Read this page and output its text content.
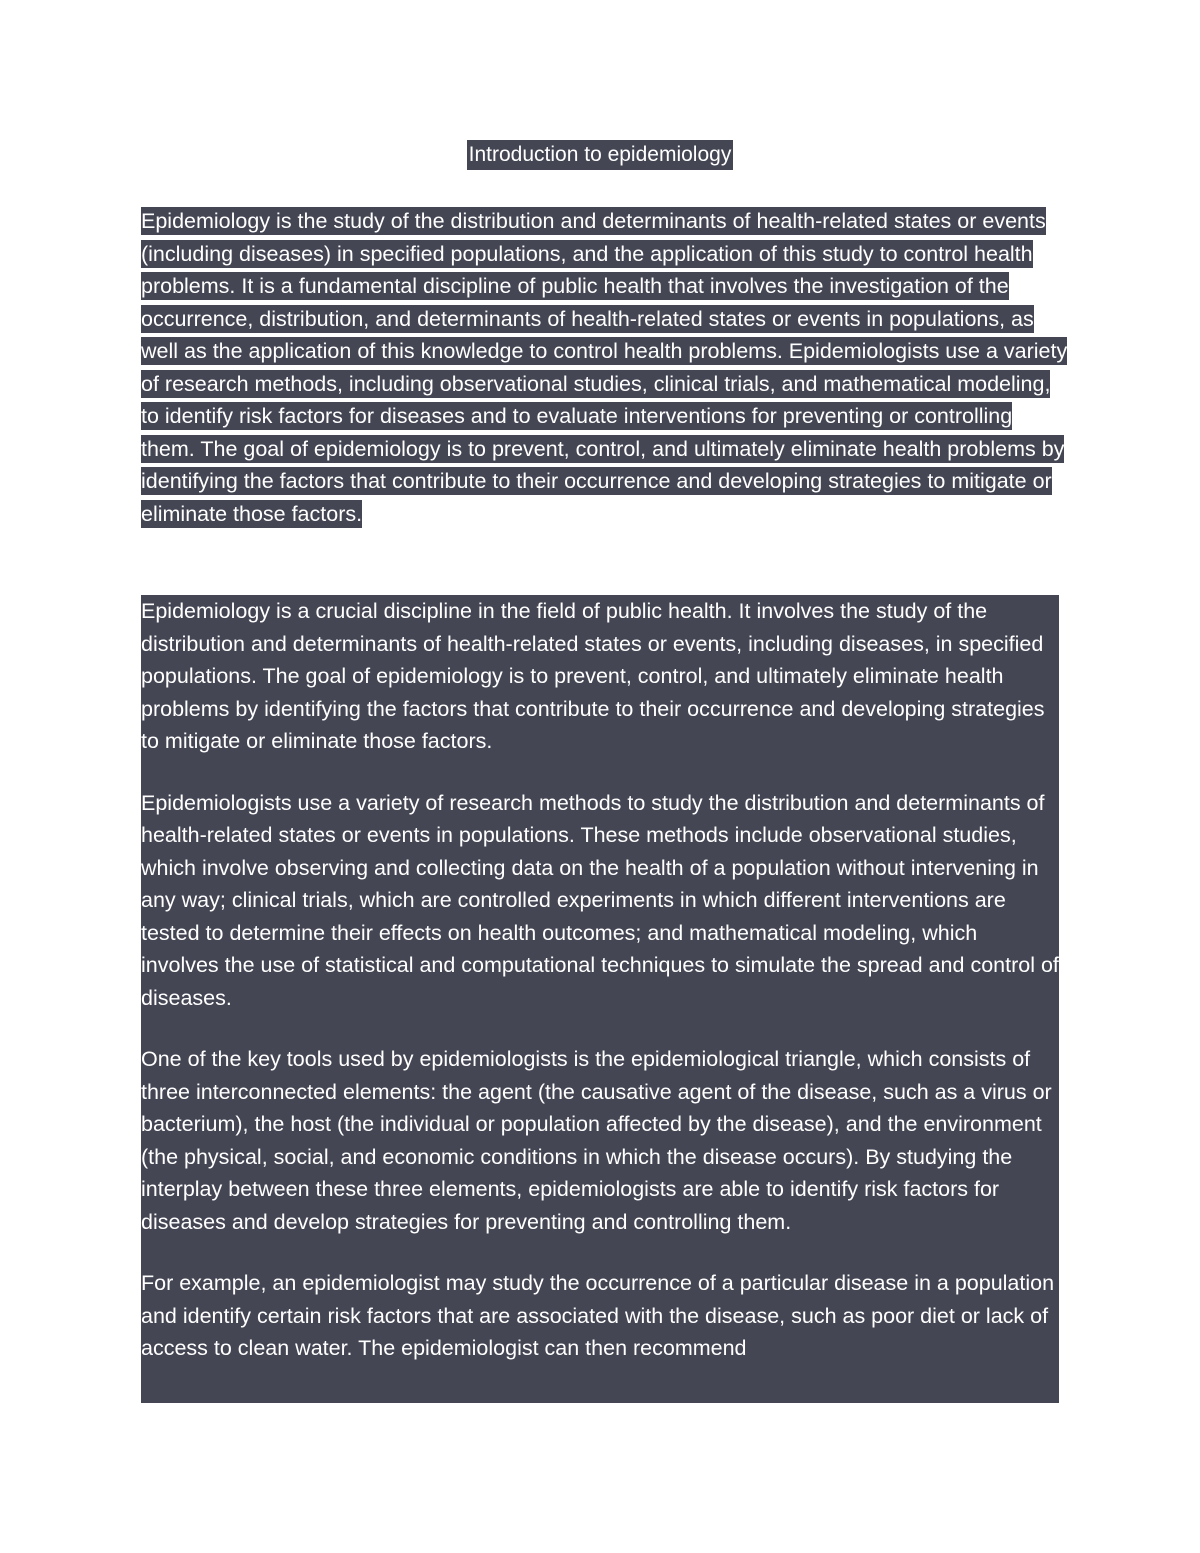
Introduction to epidemiology
Epidemiology is the study of the distribution and determinants of health-related states or events (including diseases) in specified populations, and the application of this study to control health problems. It is a fundamental discipline of public health that involves the investigation of the occurrence, distribution, and determinants of health-related states or events in populations, as well as the application of this knowledge to control health problems. Epidemiologists use a variety of research methods, including observational studies, clinical trials, and mathematical modeling, to identify risk factors for diseases and to evaluate interventions for preventing or controlling them. The goal of epidemiology is to prevent, control, and ultimately eliminate health problems by identifying the factors that contribute to their occurrence and developing strategies to mitigate or eliminate those factors.

Epidemiology is a crucial discipline in the field of public health. It involves the study of the distribution and determinants of health-related states or events, including diseases, in specified populations. The goal of epidemiology is to prevent, control, and ultimately eliminate health problems by identifying the factors that contribute to their occurrence and developing strategies to mitigate or eliminate those factors.

Epidemiologists use a variety of research methods to study the distribution and determinants of health-related states or events in populations. These methods include observational studies, which involve observing and collecting data on the health of a population without intervening in any way; clinical trials, which are controlled experiments in which different interventions are tested to determine their effects on health outcomes; and mathematical modeling, which involves the use of statistical and computational techniques to simulate the spread and control of diseases.

One of the key tools used by epidemiologists is the epidemiological triangle, which consists of three interconnected elements: the agent (the causative agent of the disease, such as a virus or bacterium), the host (the individual or population affected by the disease), and the environment (the physical, social, and economic conditions in which the disease occurs). By studying the interplay between these three elements, epidemiologists are able to identify risk factors for diseases and develop strategies for preventing and controlling them.

For example, an epidemiologist may study the occurrence of a particular disease in a population and identify certain risk factors that are associated with the disease, such as poor diet or lack of access to clean water. The epidemiologist can then recommend
